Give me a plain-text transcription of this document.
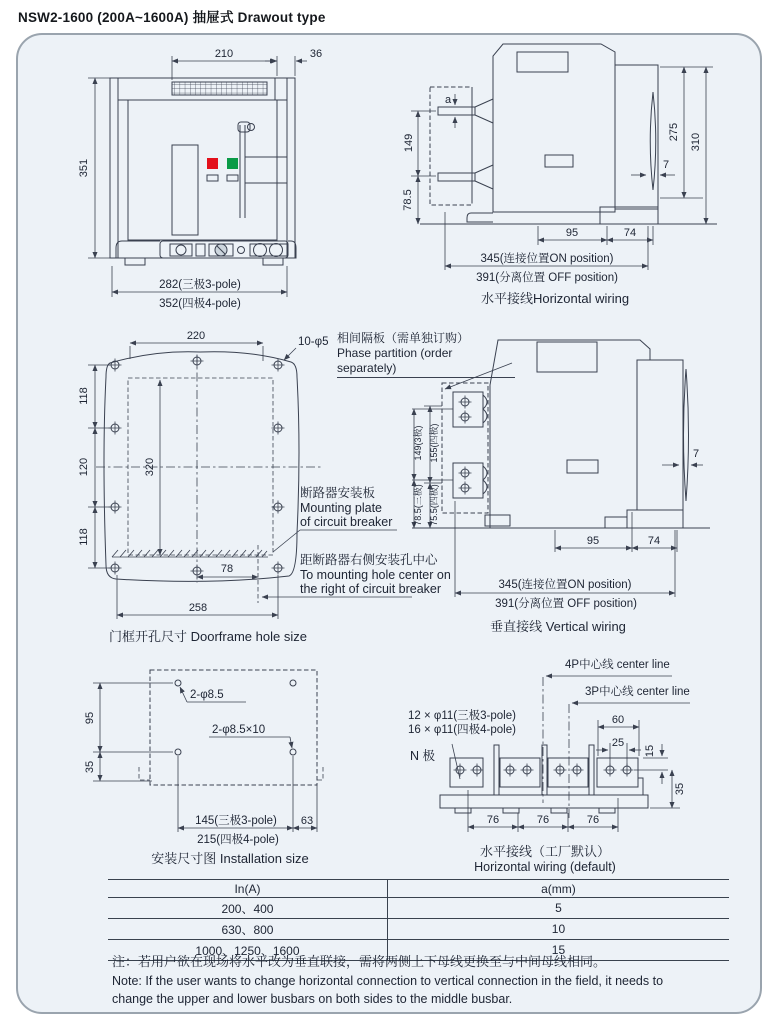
NSW2-1600 (200A~1600A) 抽屉式 Drawout type
210	36
351
282(三极3-pole)
352(四极4-pole)
a
149
78.5
275
310
7
95	74
345(连接位置ON position)
391(分离位置 OFF position)
水平接线Horizontal wiring
220	10-φ5
118
120
118
320
78
258
门框开孔尺寸 Doorframe hole size
断路器安装板
Mounting plate
of circuit breaker
距断路器右侧安装孔中心
To mounting hole center on
the right of circuit breaker
相间隔板（需单独订购）
Phase partition (order separately)
149(3极) 155(四极)
78.5(三极) 75.5(四极)
7
95	74
345(连接位置ON position)
391(分离位置 OFF position)
垂直接线 Vertical wiring
2-φ8.5
2-φ8.5×10
95
35
145(三极3-pole) 63
215(四极4-pole)
安装尺寸图 Installation size
4P中心线 center line
3P中心线 center line
12 × φ11(三极3-pole)
16 × φ11(四极4-pole)
N 极
60
25
15
35
76	76	76
水平接线（工厂默认）
Horizontal wiring (default)
In(A)	a(mm)
200、400	5
630、800	10
1000、1250、1600	15
注：若用户欲在现场将水平改为垂直联接，需将两侧上下母线更换至与中间母线相同。
Note: If the user wants to change horizontal connection to vertical connection in the field, it needs to
change the upper and lower busbars on both sides to the middle busbar.
